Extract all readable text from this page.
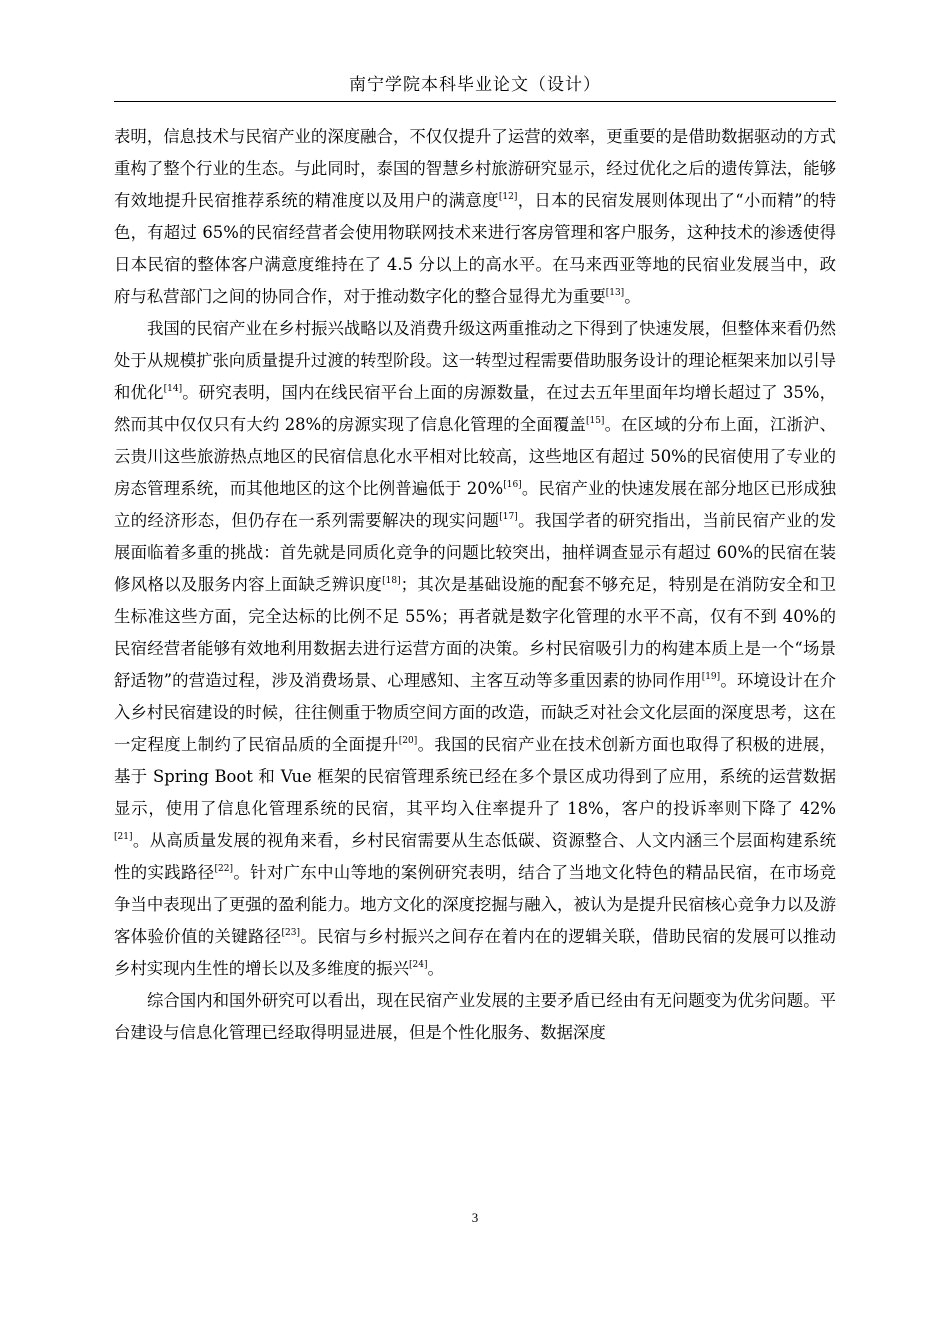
南宁学院本科毕业论文（设计）

表明，信息技术与民宿产业的深度融合，不仅仅提升了运营的效率，更重要的是借助数据驱动的方式重构了整个行业的生态。与此同时，泰国的智慧乡村旅游研究显示，经过优化之后的遗传算法，能够有效地提升民宿推荐系统的精准度以及用户的满意度[12]，日本的民宿发展则体现出了“小而精”的特色，有超过 65%的民宿经营者会使用物联网技术来进行客房管理和客户服务，这种技术的渗透使得日本民宿的整体客户满意度维持在了 4.5 分以上的高水平。在马来西亚等地的民宿业发展当中，政府与私营部门之间的协同合作，对于推动数字化的整合显得尤为重要[13]。

我国的民宿产业在乡村振兴战略以及消费升级这两重推动之下得到了快速发展，但整体来看仍然处于从规模扩张向质量提升过渡的转型阶段。这一转型过程需要借助服务设计的理论框架来加以引导和优化[14]。研究表明，国内在线民宿平台上面的房源数量，在过去五年里面年均增长超过了 35%，然而其中仅仅只有大约 28%的房源实现了信息化管理的全面覆盖[15]。在区域的分布上面，江浙沪、云贵川这些旅游热点地区的民宿信息化水平相对比较高，这些地区有超过 50%的民宿使用了专业的房态管理系统，而其他地区的这个比例普遍低于 20%[16]。民宿产业的快速发展在部分地区已形成独立的经济形态，但仍存在一系列需要解决的现实问题[17]。我国学者的研究指出，当前民宿产业的发展面临着多重的挑战：首先就是同质化竞争的问题比较突出，抽样调查显示有超过 60%的民宿在装修风格以及服务内容上面缺乏辨识度[18]；其次是基础设施的配套不够充足，特别是在消防安全和卫生标准这些方面，完全达标的比例不足 55%；再者就是数字化管理的水平不高，仅有不到 40%的民宿经营者能够有效地利用数据去进行运营方面的决策。乡村民宿吸引力的构建本质上是一个“场景舒适物”的营造过程，涉及消费场景、心理感知、主客互动等多重因素的协同作用[19]。环境设计在介入乡村民宿建设的时候，往往侧重于物质空间方面的改造，而缺乏对社会文化层面的深度思考，这在一定程度上制约了民宿品质的全面提升[20]。我国的民宿产业在技术创新方面也取得了积极的进展，基于 Spring Boot 和 Vue 框架的民宿管理系统已经在多个景区成功得到了应用，系统的运营数据显示，使用了信息化管理系统的民宿，其平均入住率提升了 18%，客户的投诉率则下降了 42%[21]。从高质量发展的视角来看，乡村民宿需要从生态低碳、资源整合、人文内涵三个层面构建系统性的实践路径[22]。针对广东中山等地的案例研究表明，结合了当地文化特色的精品民宿，在市场竞争当中表现出了更强的盈利能力。地方文化的深度挖掘与融入，被认为是提升民宿核心竞争力以及游客体验价值的关键路径[23]。民宿与乡村振兴之间存在着内在的逻辑关联，借助民宿的发展可以推动乡村实现内生性的增长以及多维度的振兴[24]。

综合国内和国外研究可以看出，现在民宿产业发展的主要矛盾已经由有无问题变为优劣问题。平台建设与信息化管理已经取得明显进展，但是个性化服务、数据深度

3
